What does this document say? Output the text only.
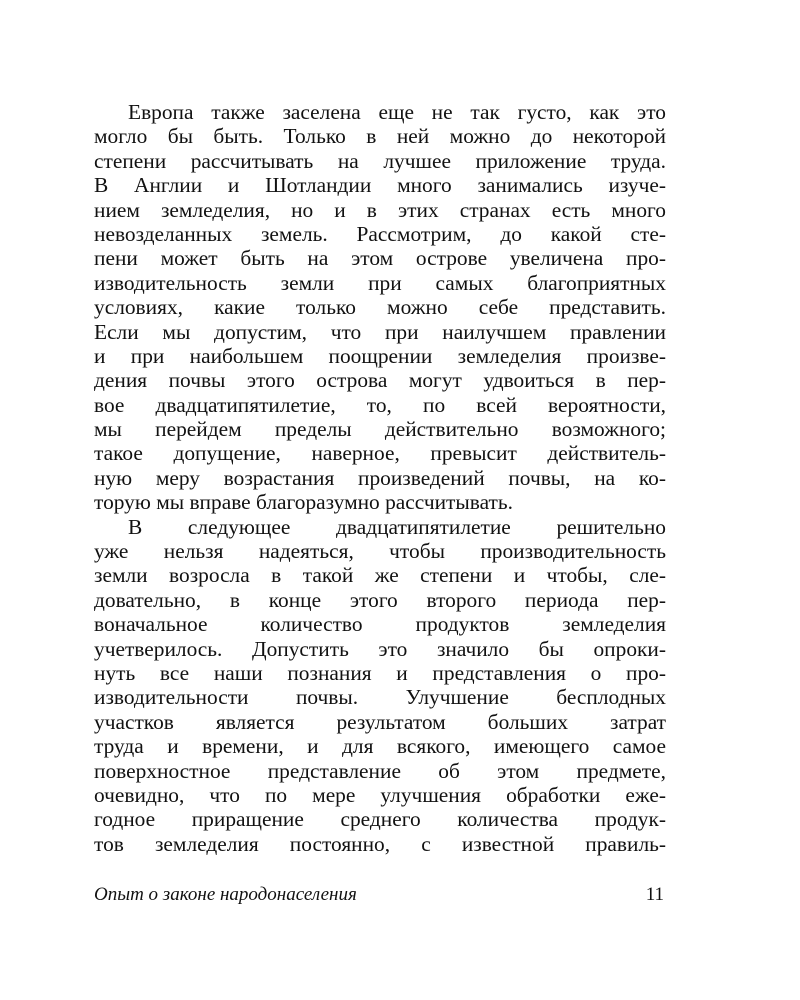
Европа также заселена еще не так густо, как это
могло бы быть. Только в ней можно до некоторой
степени рассчитывать на лучшее приложение труда.
В Англии и Шотландии много занимались изуче-
нием земледелия, но и в этих странах есть много
невозделанных земель. Рассмотрим, до какой сте-
пени может быть на этом острове увеличена про-
изводительность земли при самых благоприятных
условиях, какие только можно себе представить.
Если мы допустим, что при наилучшем правлении
и при наибольшем поощрении земледелия произве-
дения почвы этого острова могут удвоиться в пер-
вое двадцатипятилетие, то, по всей вероятности,
мы перейдем пределы действительно возможного;
такое допущение, наверное, превысит действитель-
ную меру возрастания произведений почвы, на ко-
торую мы вправе благоразумно рассчитывать.
В следующее двадцатипятилетие решительно
уже нельзя надеяться, чтобы производительность
земли возросла в такой же степени и чтобы, сле-
довательно, в конце этого второго периода пер-
воначальное количество продуктов земледелия
учетверилось. Допустить это значило бы опроки-
нуть все наши познания и представления о про-
изводительности почвы. Улучшение бесплодных
участков является результатом больших затрат
труда и времени, и для всякого, имеющего самое
поверхностное представление об этом предмете,
очевидно, что по мере улучшения обработки еже-
годное приращение среднего количества продук-
тов земледелия постоянно, с известной правиль-
Опыт о законе народонаселения	11
